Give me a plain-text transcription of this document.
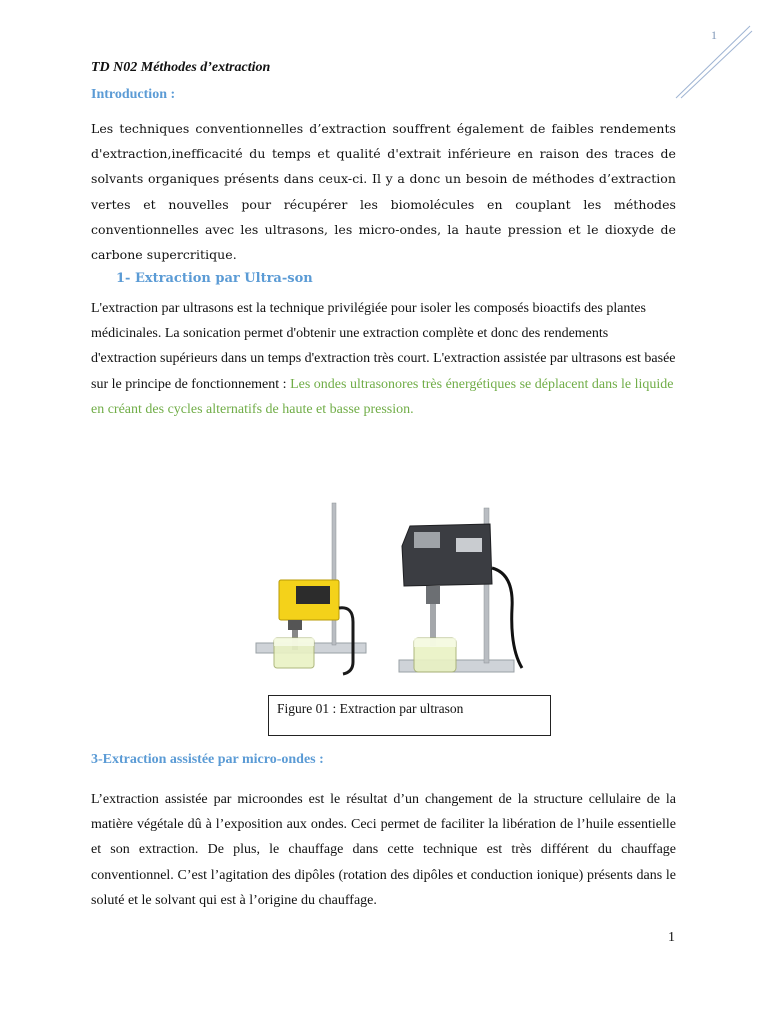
1
TD N02 Méthodes d’extraction
Introduction :

Les techniques conventionnelles d’extraction souffrent également de faibles rendements d'extraction,inefficacité du temps et qualité d'extrait inférieure en raison des traces de solvants organiques présents dans ceux-ci. Il y a donc un besoin de méthodes d’extraction vertes et nouvelles pour récupérer les biomolécules en couplant les méthodes conventionnelles avec les ultrasons, les micro-ondes, la haute pression et le dioxyde de carbone supercritique.

1- Extraction par Ultra-son

L'extraction par ultrasons est la technique privilégiée pour isoler les composés bioactifs des plantes médicinales. La sonication permet d'obtenir une extraction complète et donc des rendements d'extraction supérieurs dans un temps d'extraction très court. L'extraction assistée par ultrasons est basée sur le principe de fonctionnement : Les ondes ultrasonores très énergétiques se déplacent dans le liquide en créant des cycles alternatifs de haute et basse pression.

Figure 01 : Extraction par ultrason

3-Extraction assistée par micro-ondes :

L’extraction assistée par microondes est le résultat d’un changement de la structure cellulaire de la matière végétale dû à l’exposition aux ondes. Ceci permet de faciliter la libération de l’huile essentielle et son extraction. De plus, le chauffage dans cette technique est très différent du chauffage conventionnel. C’est l’agitation des dipôles (rotation des dipôles et conduction ionique) présents dans le soluté et le solvant qui est à l’origine du chauffage.

1
